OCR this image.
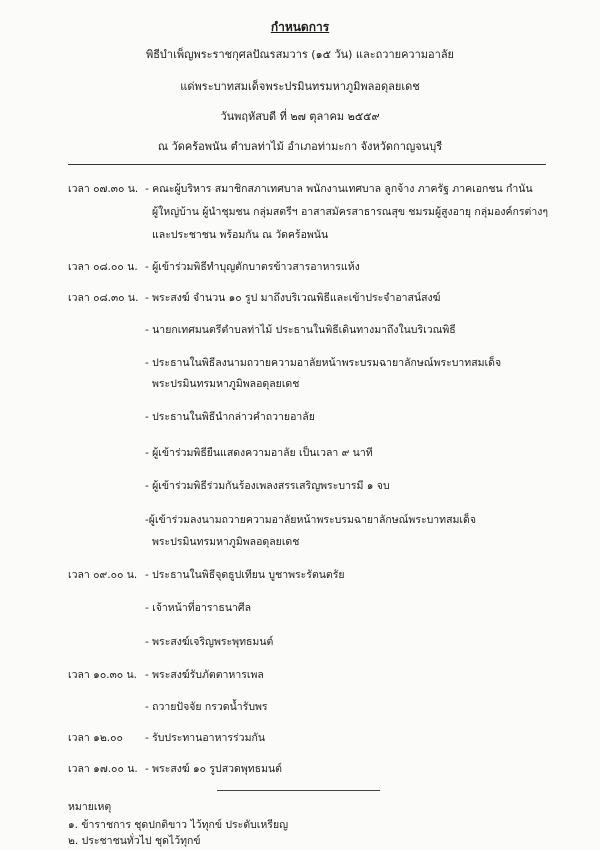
กำหนดการ
พิธีบำเพ็ญพระราชกุศลปัณรสมวาร (๑๕ วัน) และถวายความอาลัย
แด่พระบาทสมเด็จพระปรมินทรมหาภูมิพลอดุลยเดช
วันพฤหัสบดี ที่ ๒๗ ตุลาคม ๒๕๕๙
ณ วัดคร้อพนัน ตำบลท่าไม้ อำเภอท่ามะกา จังหวัดกาญจนบุรี
เวลา ๐๗.๓๐ น. - คณะผู้บริหาร สมาชิกสภาเทศบาล พนักงานเทศบาล ลูกจ้าง ภาครัฐ ภาคเอกชน กำนัน
ผู้ใหญ่บ้าน ผู้นำชุมชน กลุ่มสตรีฯ อาสาสมัครสาธารณสุข ชมรมผู้สูงอายุ กลุ่มองค์กรต่างๆ
และประชาชน พร้อมกัน ณ วัดคร้อพนัน
เวลา ๐๘.๐๐ น. - ผู้เข้าร่วมพิธีทำบุญตักบาตรข้าวสารอาหารแห้ง
เวลา ๐๘.๓๐ น. - พระสงฆ์ จำนวน ๑๐ รูป มาถึงบริเวณพิธีและเข้าประจำอาสน์สงฆ์
- นายกเทศมนตรีตำบลท่าไม้ ประธานในพิธีเดินทางมาถึงในบริเวณพิธี
- ประธานในพิธีลงนามถวายความอาลัยหน้าพระบรมฉายาลักษณ์พระบาทสมเด็จ
พระปรมินทรมหาภูมิพลอดุลยเดช
- ประธานในพิธีนำกล่าวคำถวายอาลัย
- ผู้เข้าร่วมพิธียืนแสดงความอาลัย เป็นเวลา ๙ นาที
- ผู้เข้าร่วมพิธีร่วมกันร้องเพลงสรรเสริญพระบารมี ๑ จบ
-ผู้เข้าร่วมลงนามถวายความอาลัยหน้าพระบรมฉายาลักษณ์พระบาทสมเด็จ
พระปรมินทรมหาภูมิพลอดุลยเดช
เวลา ๐๙.๐๐ น. - ประธานในพิธีจุดธูปเทียน บูชาพระรัตนตรัย
- เจ้าหน้าที่อาราธนาศีล
- พระสงฆ์เจริญพระพุทธมนต์
เวลา ๑๐.๓๐ น. - พระสงฆ์รับภัตตาหารเพล
- ถวายปัจจัย กรวดน้ำรับพร
เวลา ๑๒.๐๐ - รับประทานอาหารร่วมกัน
เวลา ๑๗.๐๐ น. - พระสงฆ์ ๑๐ รูปสวดพุทธมนต์
หมายเหตุ
๑. ข้าราชการ ชุดปกติขาว ไว้ทุกข์ ประดับเหรียญ
๒. ประชาชนทั่วไป ชุดไว้ทุกข์
